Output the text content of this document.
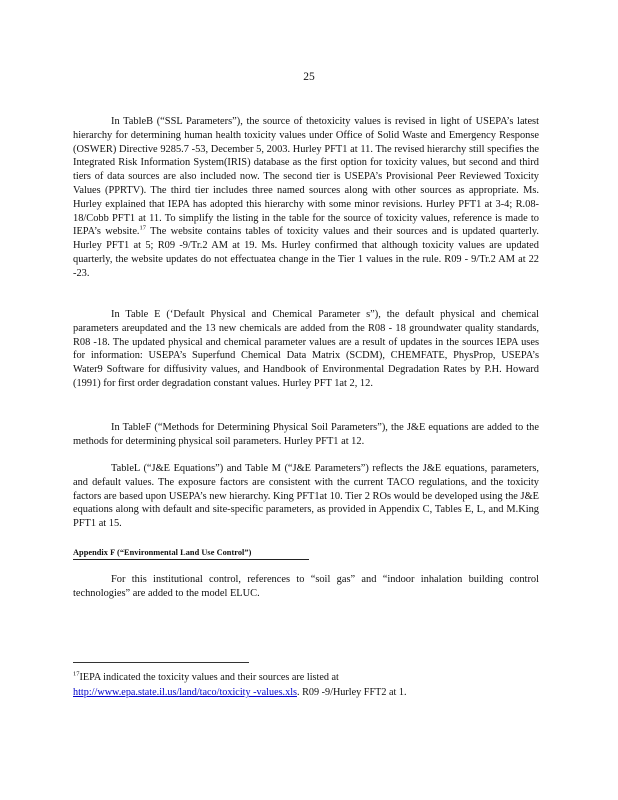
25

In TableB (“SSL Parameters”), the source of thetoxicity values is revised in light of USEPA’s latest hierarchy for determining human health toxicity values under Office of Solid Waste and Emergency Response (OSWER) Directive 9285.7 -53, December 5, 2003. Hurley PFT1 at 11. The revised hierarchy still specifies the Integrated Risk Information System(IRIS) database as the first option for toxicity values, but second and third tiers of data sources are also included now. The second tier is USEPA’s Provisional Peer Reviewed Toxicity Values (PPRTV). The third tier includes three named sources along with other sources as appropriate. Ms. Hurley explained that IEPA has adopted this hierarchy with some minor revisions. Hurley PFT1 at 3-4; R.08-18/Cobb PFT1 at 11. To simplify the listing in the table for the source of toxicity values, reference is made to IEPA’s website.$^{17}$ The website contains tables of toxicity values and their sources and is updated quarterly. Hurley PFT1 at 5; R09 -9/Tr.2 AM at 19. Ms. Hurley confirmed that although toxicity values are updated quarterly, the website updates do not effectuatea change in the Tier 1 values in the rule. R09 - 9/Tr.2 AM at 22 -23.

In Table E (‘Default Physical and Chemical Parameter s”), the default physical and chemical parameters areupdated and the 13 new chemicals are added from the R08 - 18 groundwater quality standards, R08 -18. The updated physical and chemical parameter values are a result of updates in the sources IEPA uses for information: USEPA’s Superfund Chemical Data Matrix (SCDM), CHEMFATE, PhysProp, USEPA’s Water9 Software for diffusivity values, and Handbook of Environmental Degradation Rates by P.H. Howard (1991) for first order degradation constant values. Hurley PFT 1at 2, 12.

In TableF (“Methods for Determining Physical Soil Parameters”), the J&E equations are added to the methods for determining physical soil parameters. Hurley PFT1 at 12.

TableL (“J&E Equations”) and Table M (“J&E Parameters”) reflects the J&E equations, parameters, and default values. The exposure factors are consistent with the current TACO regulations, and the toxicity factors are based upon USEPA’s new hierarchy. King PFT1at 10. Tier 2 ROs would be developed using the J&E equations along with default and site-specific parameters, as provided in Appendix C, Tables E, L, and M.King PFT1 at 15.

Appendix F (“Environmental Land Use Control”)

For this institutional control, references to “soil gas” and “indoor inhalation building control technologies” are added to the model ELUC.

$^{17}$IEPA indicated the toxicity values and their sources are listed at
http://www.epa.state.il.us/land/taco/toxicity -values.xls. R09 -9/Hurley FFT2 at 1.
